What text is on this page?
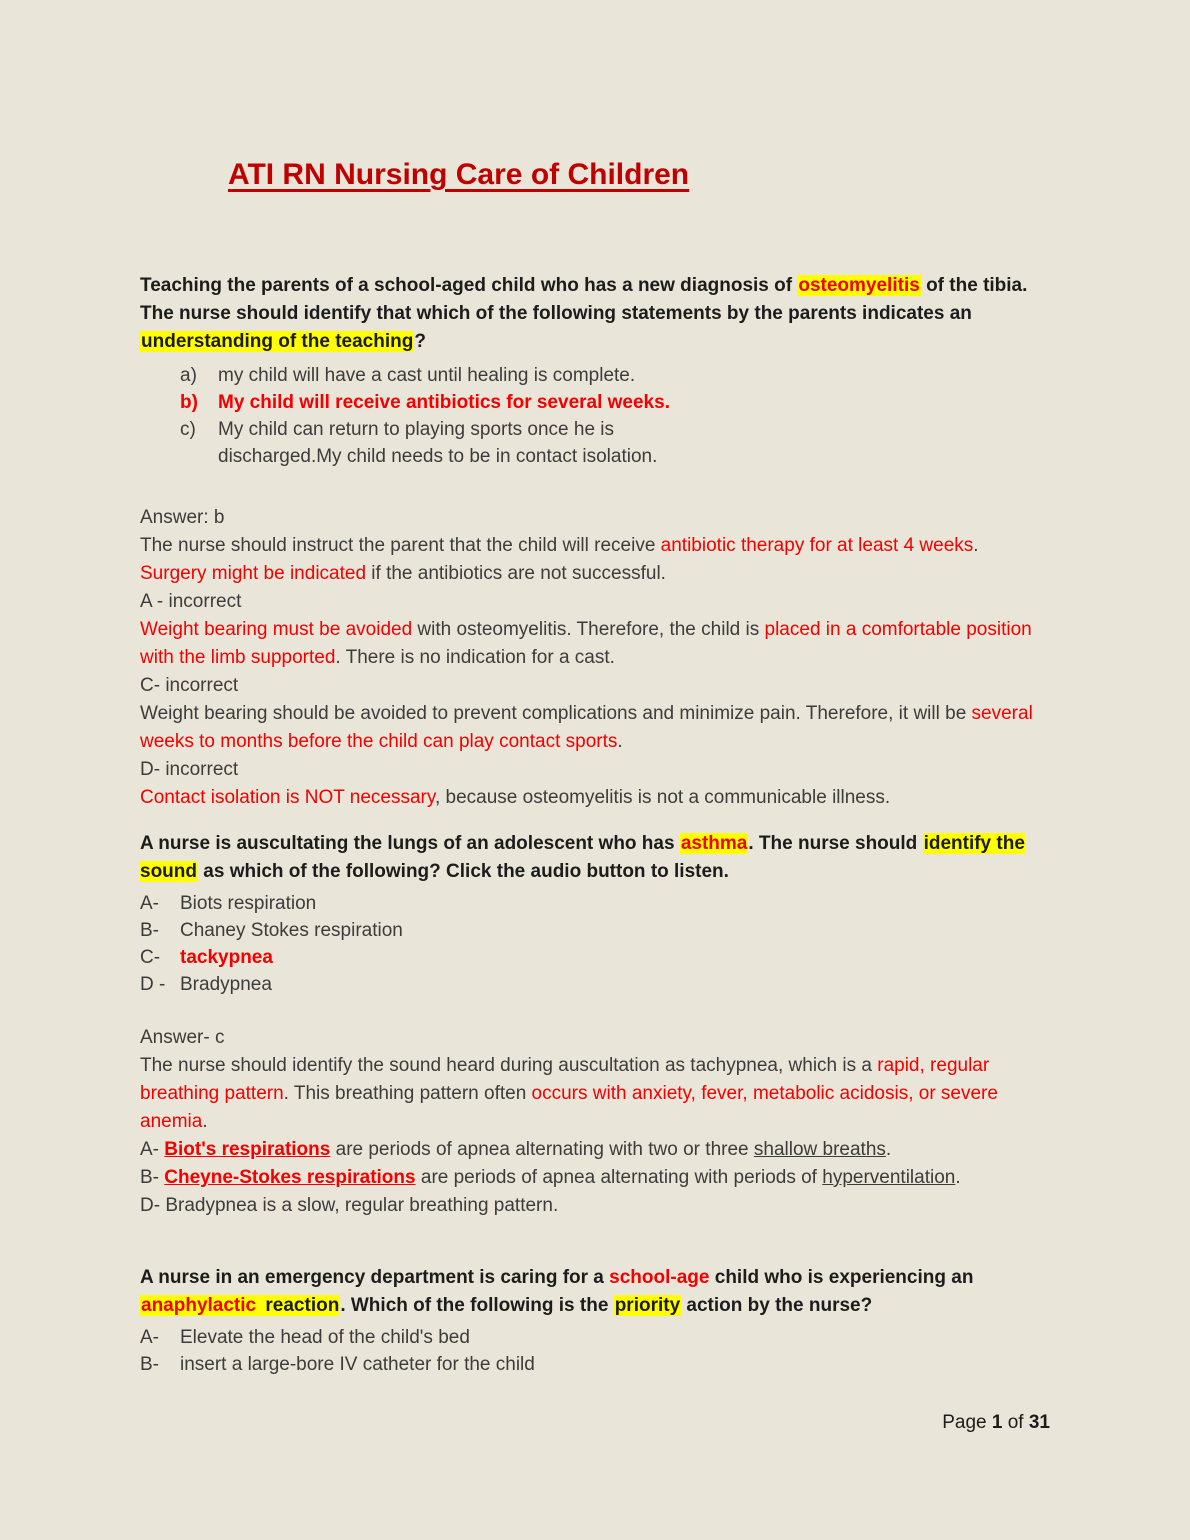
ATI RN Nursing Care of Children

Teaching the parents of a school-aged child who has a new diagnosis of osteomyelitis of the tibia. The nurse should identify that which of the following statements by the parents indicates an understanding of the teaching?

a)	my child will have a cast until healing is complete.
b)	My child will receive antibiotics for several weeks.
c)	My child can return to playing sports once he is
discharged.My child needs to be in contact isolation.

Answer: b

The nurse should instruct the parent that the child will receive antibiotic therapy for at least 4 weeks. Surgery might be indicated if the antibiotics are not successful.

A - incorrect

Weight bearing must be avoided with osteomyelitis. Therefore, the child is placed in a comfortable position with the limb supported. There is no indication for a cast.

C- incorrect

Weight bearing should be avoided to prevent complications and minimize pain. Therefore, it will be several weeks to months before the child can play contact sports.

D- incorrect

Contact isolation is NOT necessary, because osteomyelitis is not a communicable illness.

A nurse is auscultating the lungs of an adolescent who has asthma. The nurse should identify the sound as which of the following? Click the audio button to listen.

A-	Biots respiration
B-	Chaney Stokes respiration
C-	tackypnea
D - Bradypnea

Answer- c

The nurse should identify the sound heard during auscultation as tachypnea, which is a rapid, regular breathing pattern. This breathing pattern often occurs with anxiety, fever, metabolic acidosis, or severe anemia.

A- Biot's respirations are periods of apnea alternating with two or three shallow breaths.

B- Cheyne-Stokes respirations are periods of apnea alternating with periods of hyperventilation.

D- Bradypnea is a slow, regular breathing pattern.

A nurse in an emergency department is caring for a school-age child who is experiencing an anaphylactic reaction. Which of the following is the priority action by the nurse?

A-	Elevate the head of the child's bed
B-	insert a large-bore IV catheter for the child
Page 1 of 31
